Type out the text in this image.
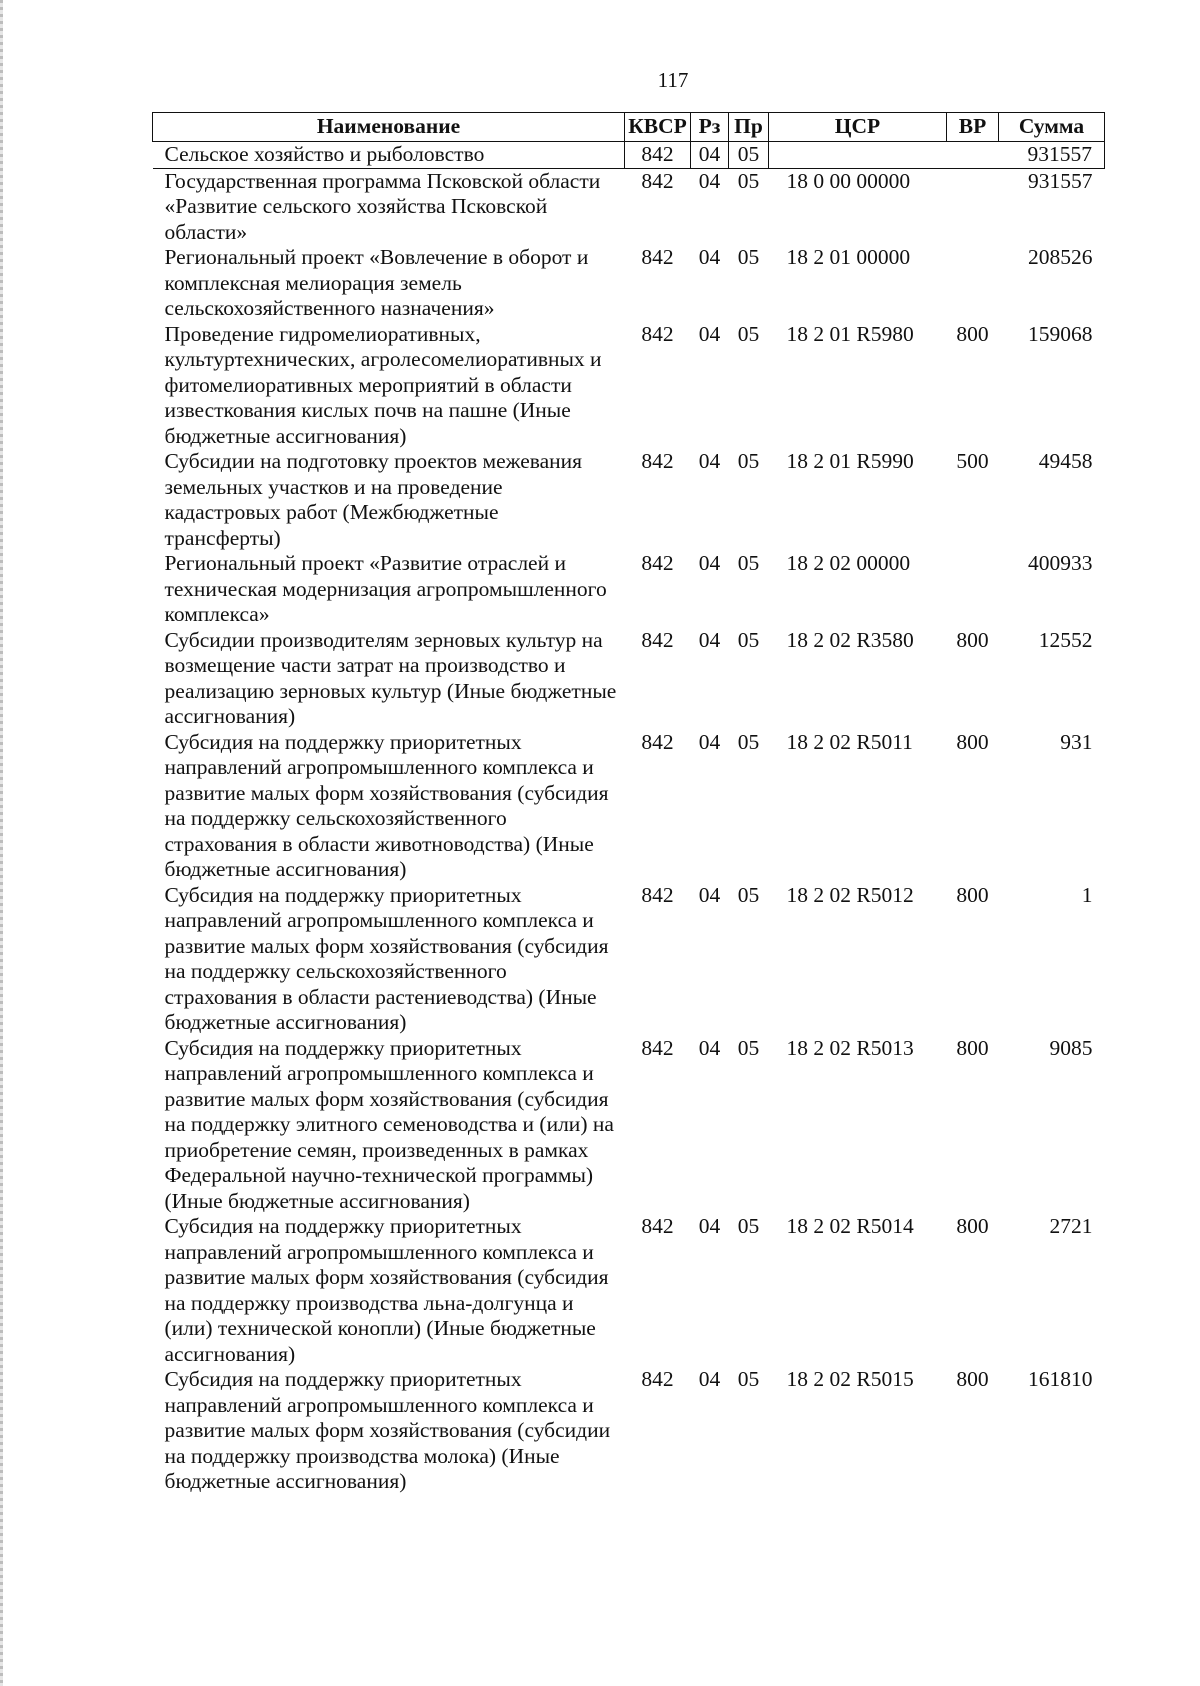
117
Наименование	КВСР	Рз	Пр	ЦСР	ВР	Сумма
Сельское хозяйство и рыболовство	842	04	05			931557
Государственная программа Псковской области «Развитие сельского хозяйства Псковской области»	842	04	05	18 0 00 00000		931557
Региональный проект «Вовлечение в оборот и комплексная мелиорация земель сельскохозяйственного назначения»	842	04	05	18 2 01 00000		208526
Проведение гидромелиоративных, культуртехнических, агролесомелиоративных и фитомелиоративных мероприятий в области известкования кислых почв на пашне (Иные бюджетные ассигнования)	842	04	05	18 2 01 R5980	800	159068
Субсидии на подготовку проектов межевания земельных участков и на проведение кадастровых работ (Межбюджетные трансферты)	842	04	05	18 2 01 R5990	500	49458
Региональный проект «Развитие отраслей и техническая модернизация агропромышленного комплекса»	842	04	05	18 2 02 00000		400933
Субсидии производителям зерновых культур на возмещение части затрат на производство и реализацию зерновых культур (Иные бюджетные ассигнования)	842	04	05	18 2 02 R3580	800	12552
Субсидия на поддержку приоритетных направлений агропромышленного комплекса и развитие малых форм хозяйствования (субсидия на поддержку сельскохозяйственного страхования в области животноводства) (Иные бюджетные ассигнования)	842	04	05	18 2 02 R5011	800	931
Субсидия на поддержку приоритетных направлений агропромышленного комплекса и развитие малых форм хозяйствования (субсидия на поддержку сельскохозяйственного страхования в области растениеводства) (Иные бюджетные ассигнования)	842	04	05	18 2 02 R5012	800	1
Субсидия на поддержку приоритетных направлений агропромышленного комплекса и развитие малых форм хозяйствования (субсидия на поддержку элитного семеноводства и (или) на приобретение семян, произведенных в рамках Федеральной научно-технической программы) (Иные бюджетные ассигнования)	842	04	05	18 2 02 R5013	800	9085
Субсидия на поддержку приоритетных направлений агропромышленного комплекса и развитие малых форм хозяйствования (субсидия на поддержку производства льна-долгунца и (или) технической конопли) (Иные бюджетные ассигнования)	842	04	05	18 2 02 R5014	800	2721
Субсидия на поддержку приоритетных направлений агропромышленного комплекса и развитие малых форм хозяйствования (субсидии на поддержку производства молока) (Иные бюджетные ассигнования)	842	04	05	18 2 02 R5015	800	161810
